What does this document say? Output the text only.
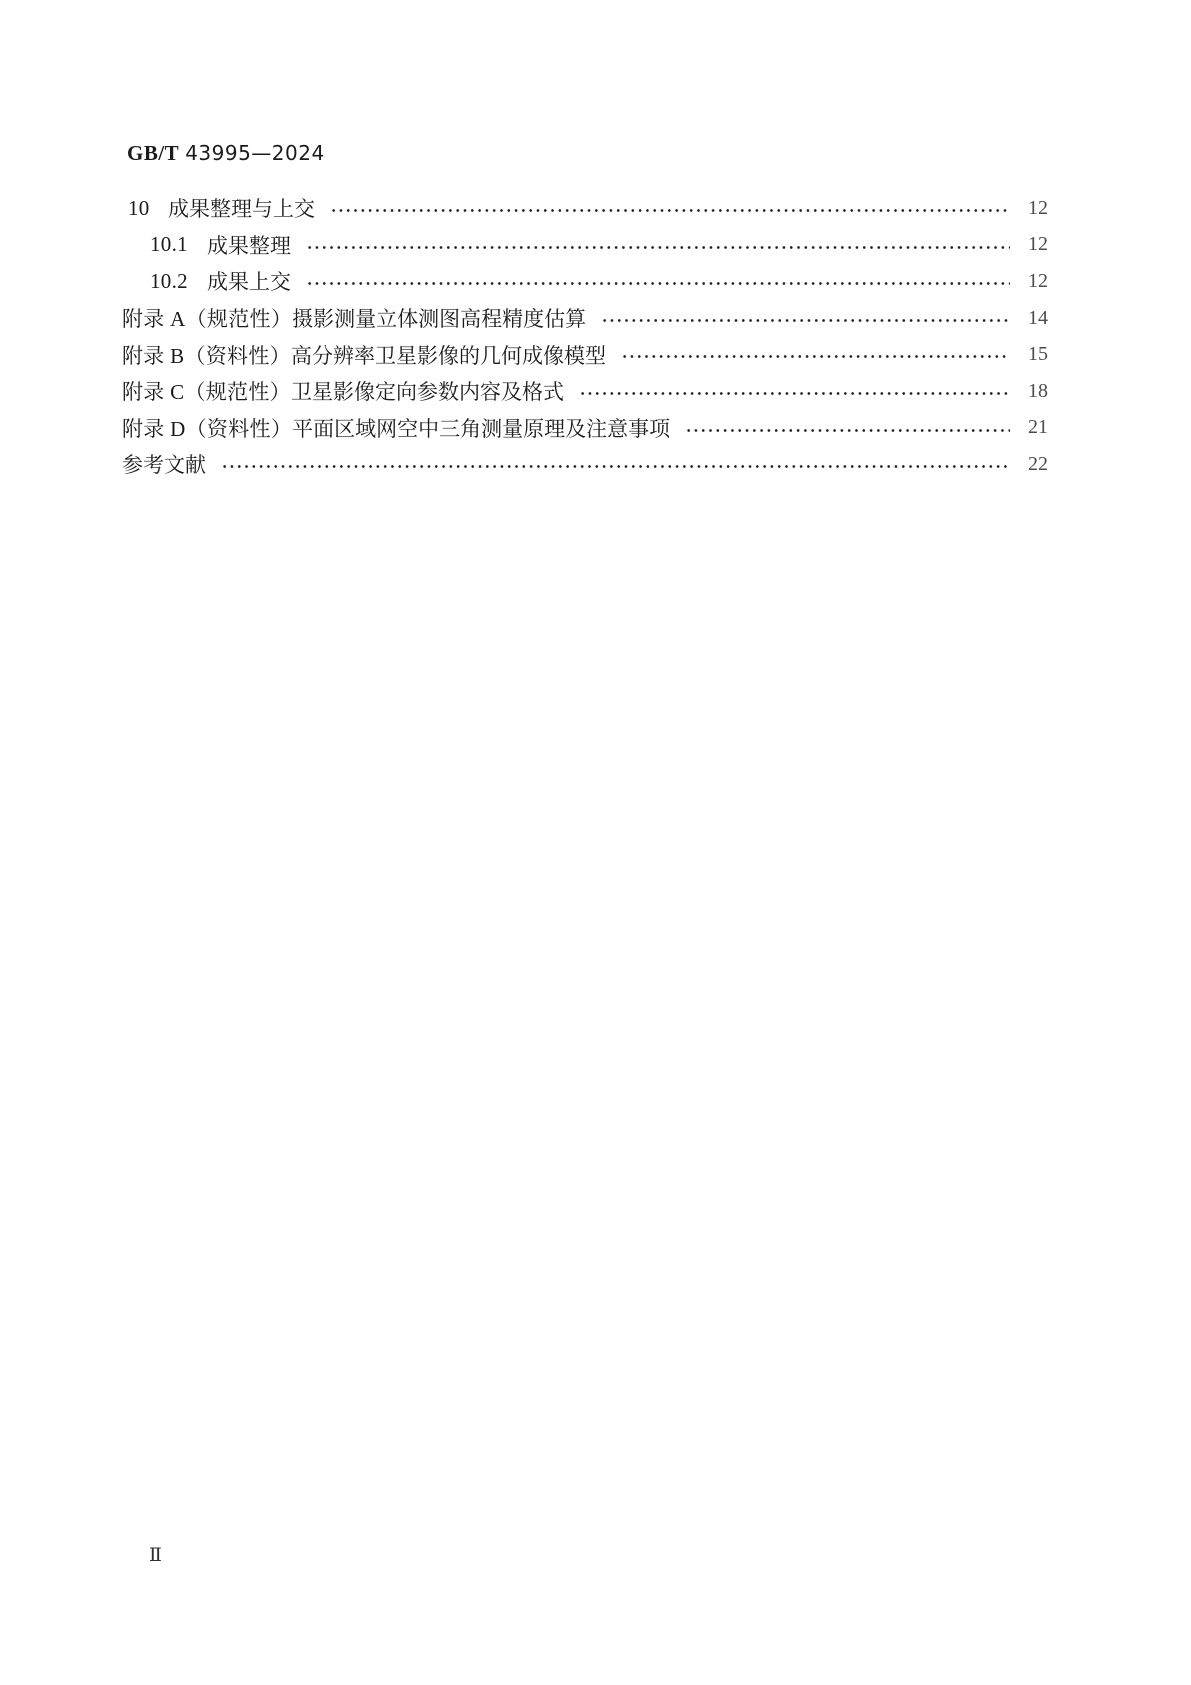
GB/T 43995—2024
10 成果整理与上交	12
10.1 成果整理	12
10.2 成果上交	12
附录 A（规范性） 摄影测量立体测图高程精度估算	14
附录 B（资料性） 高分辨率卫星影像的几何成像模型	15
附录 C（规范性） 卫星影像定向参数内容及格式	18
附录 D（资料性） 平面区域网空中三角测量原理及注意事项	21
参考文献	22
Ⅱ
